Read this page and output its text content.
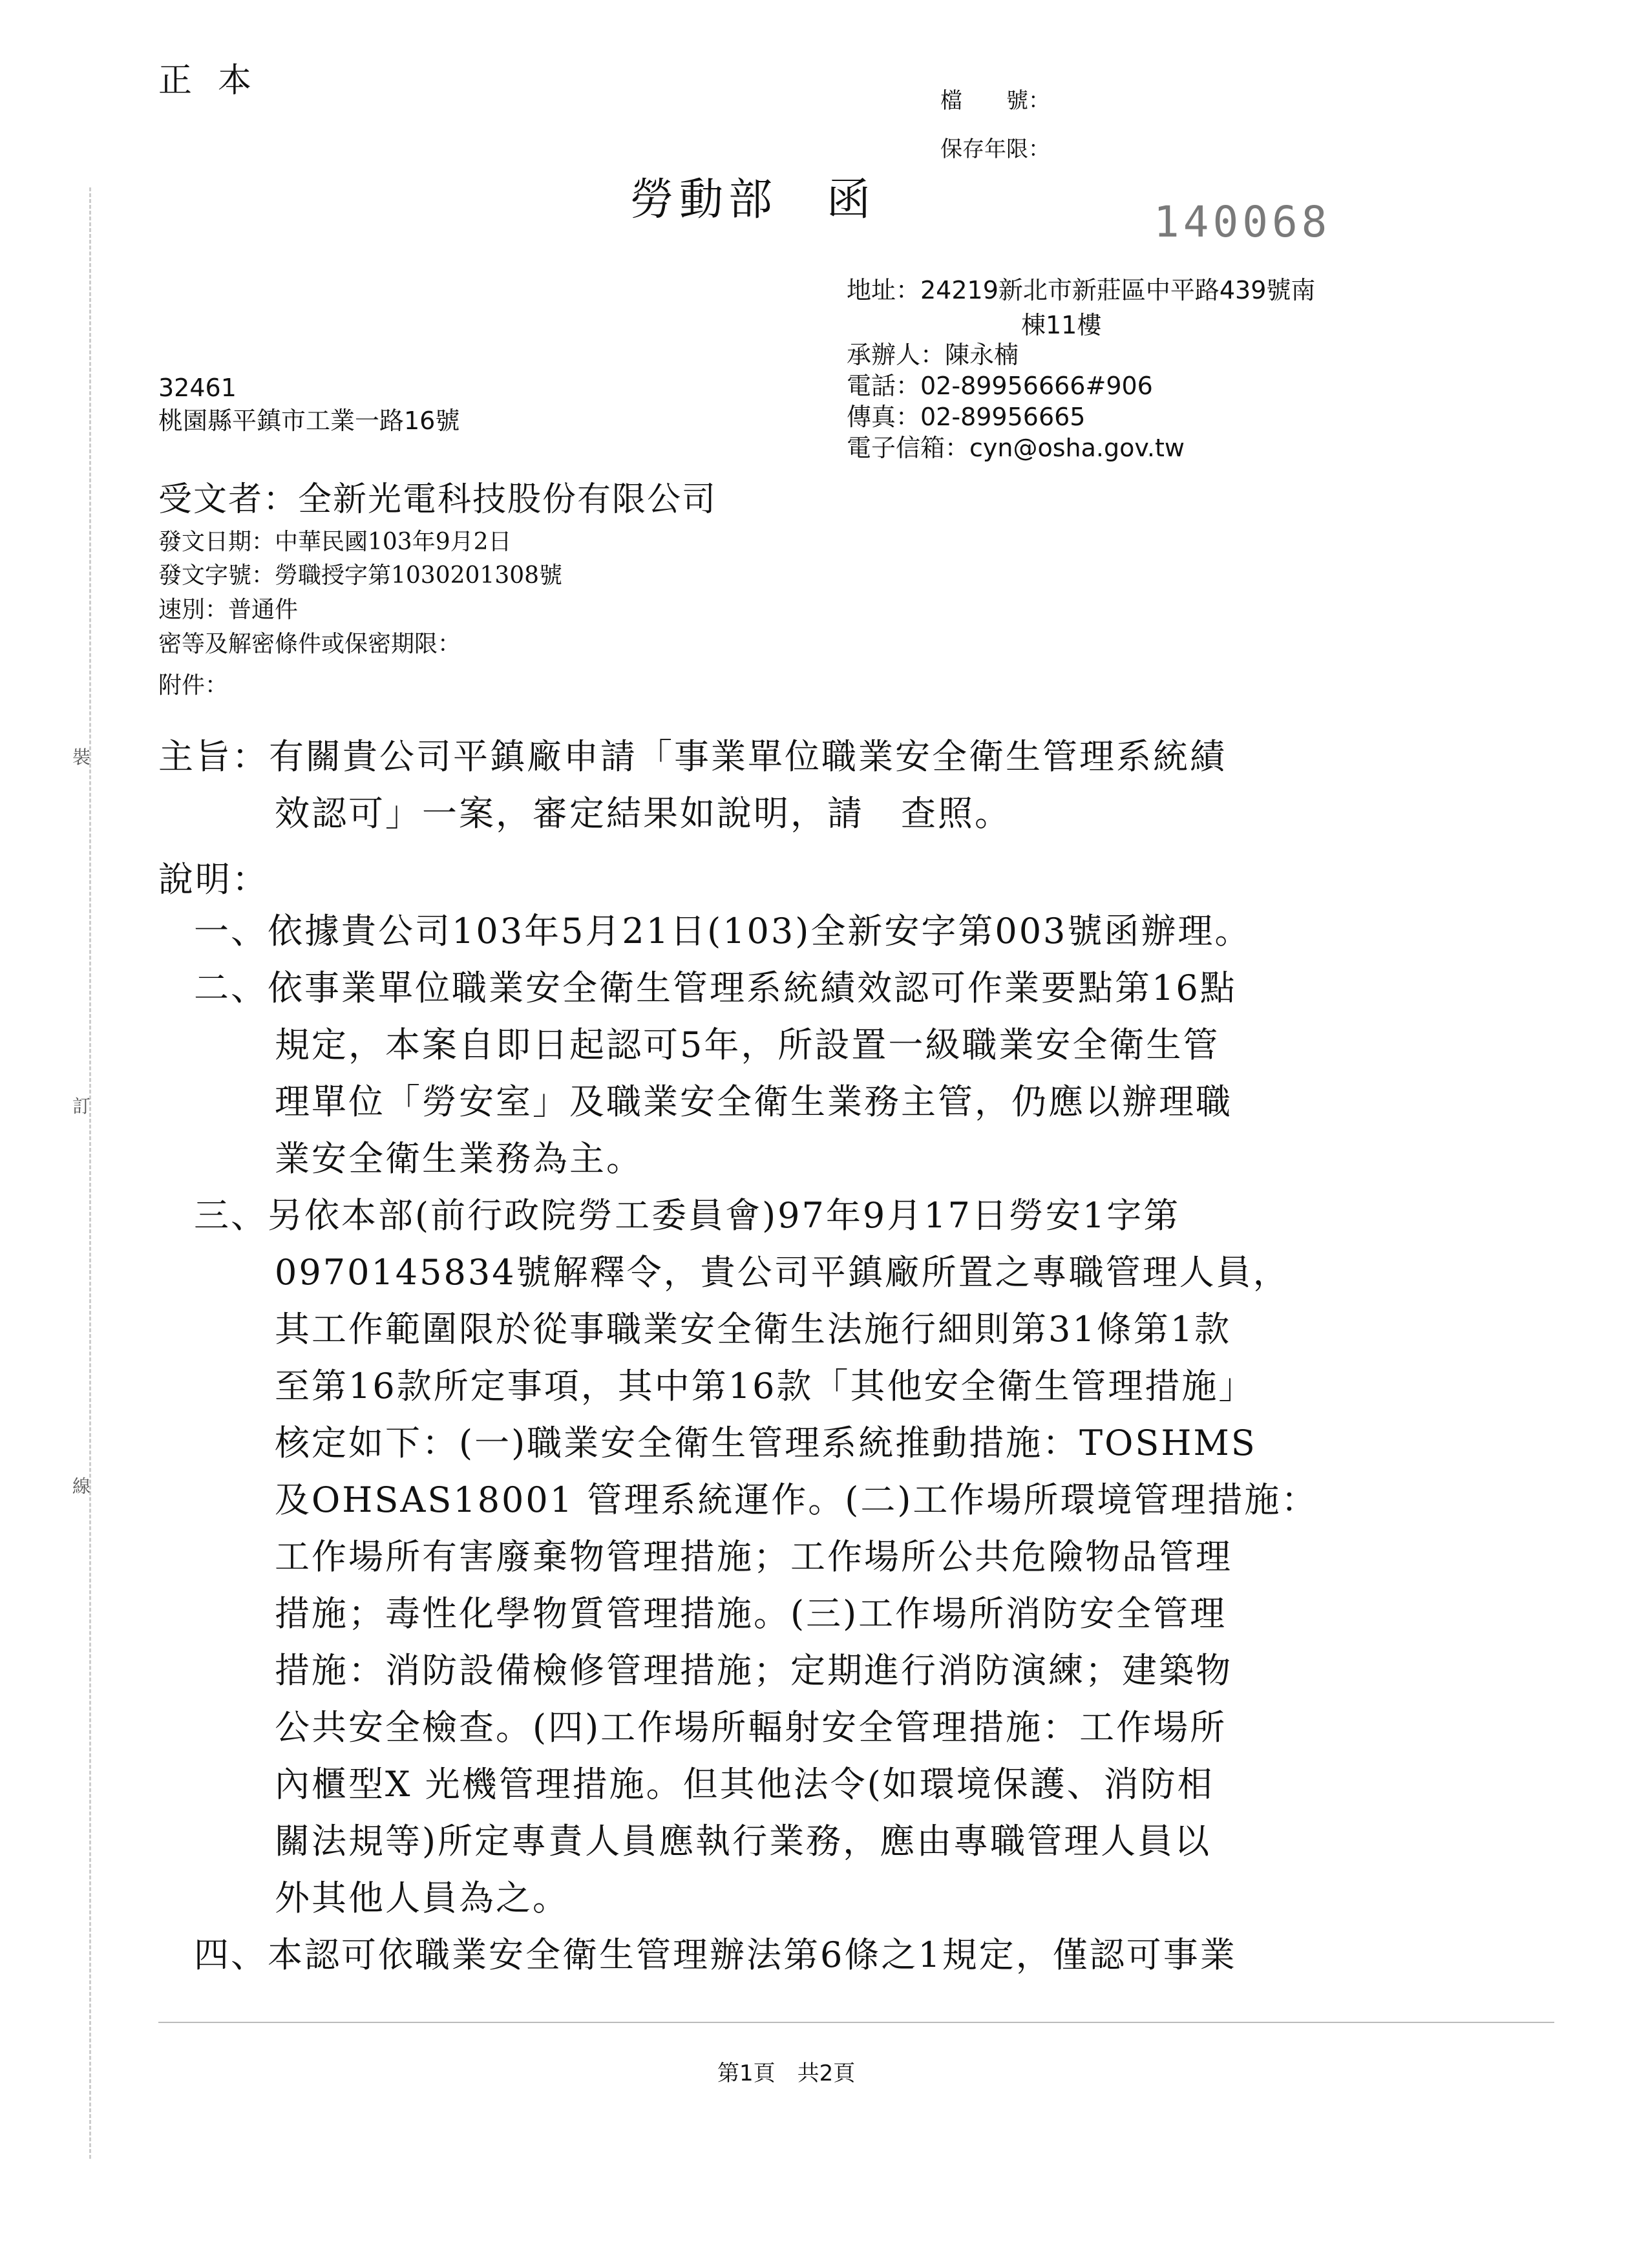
正本
檔　　號：
保存年限：
勞動部　函	140068
地址：24219新北市新莊區中平路439號南
棟11樓
承辦人：陳永楠
電話：02-89956666#906
傳真：02-89956665
電子信箱：cyn@osha.gov.tw
32461
桃園縣平鎮市工業一路16號
受文者：全新光電科技股份有限公司
發文日期：中華民國103年9月2日
發文字號：勞職授字第1030201308號
速別：普通件
密等及解密條件或保密期限：
附件：
裝
訂
線
主旨：有關貴公司平鎮廠申請「事業單位職業安全衛生管理系統績
效認可」一案，審定結果如說明，請　查照。
說明：
一、依據貴公司103年5月21日(103)全新安字第003號函辦理。
二、依事業單位職業安全衛生管理系統績效認可作業要點第16點
規定，本案自即日起認可5年，所設置一級職業安全衛生管
理單位「勞安室」及職業安全衛生業務主管，仍應以辦理職
業安全衛生業務為主。
三、另依本部(前行政院勞工委員會)97年9月17日勞安1字第
0970145834號解釋令，貴公司平鎮廠所置之專職管理人員，
其工作範圍限於從事職業安全衛生法施行細則第31條第1款
至第16款所定事項，其中第16款「其他安全衛生管理措施」
核定如下：(一)職業安全衛生管理系統推動措施：TOSHMS
及OHSAS18001 管理系統運作。(二)工作場所環境管理措施：
工作場所有害廢棄物管理措施；工作場所公共危險物品管理
措施；毒性化學物質管理措施。(三)工作場所消防安全管理
措施：消防設備檢修管理措施；定期進行消防演練；建築物
公共安全檢查。(四)工作場所輻射安全管理措施：工作場所
內櫃型X 光機管理措施。但其他法令(如環境保護、消防相
關法規等)所定專責人員應執行業務，應由專職管理人員以
外其他人員為之。
四、本認可依職業安全衛生管理辦法第6條之1規定，僅認可事業
第1頁　共2頁
